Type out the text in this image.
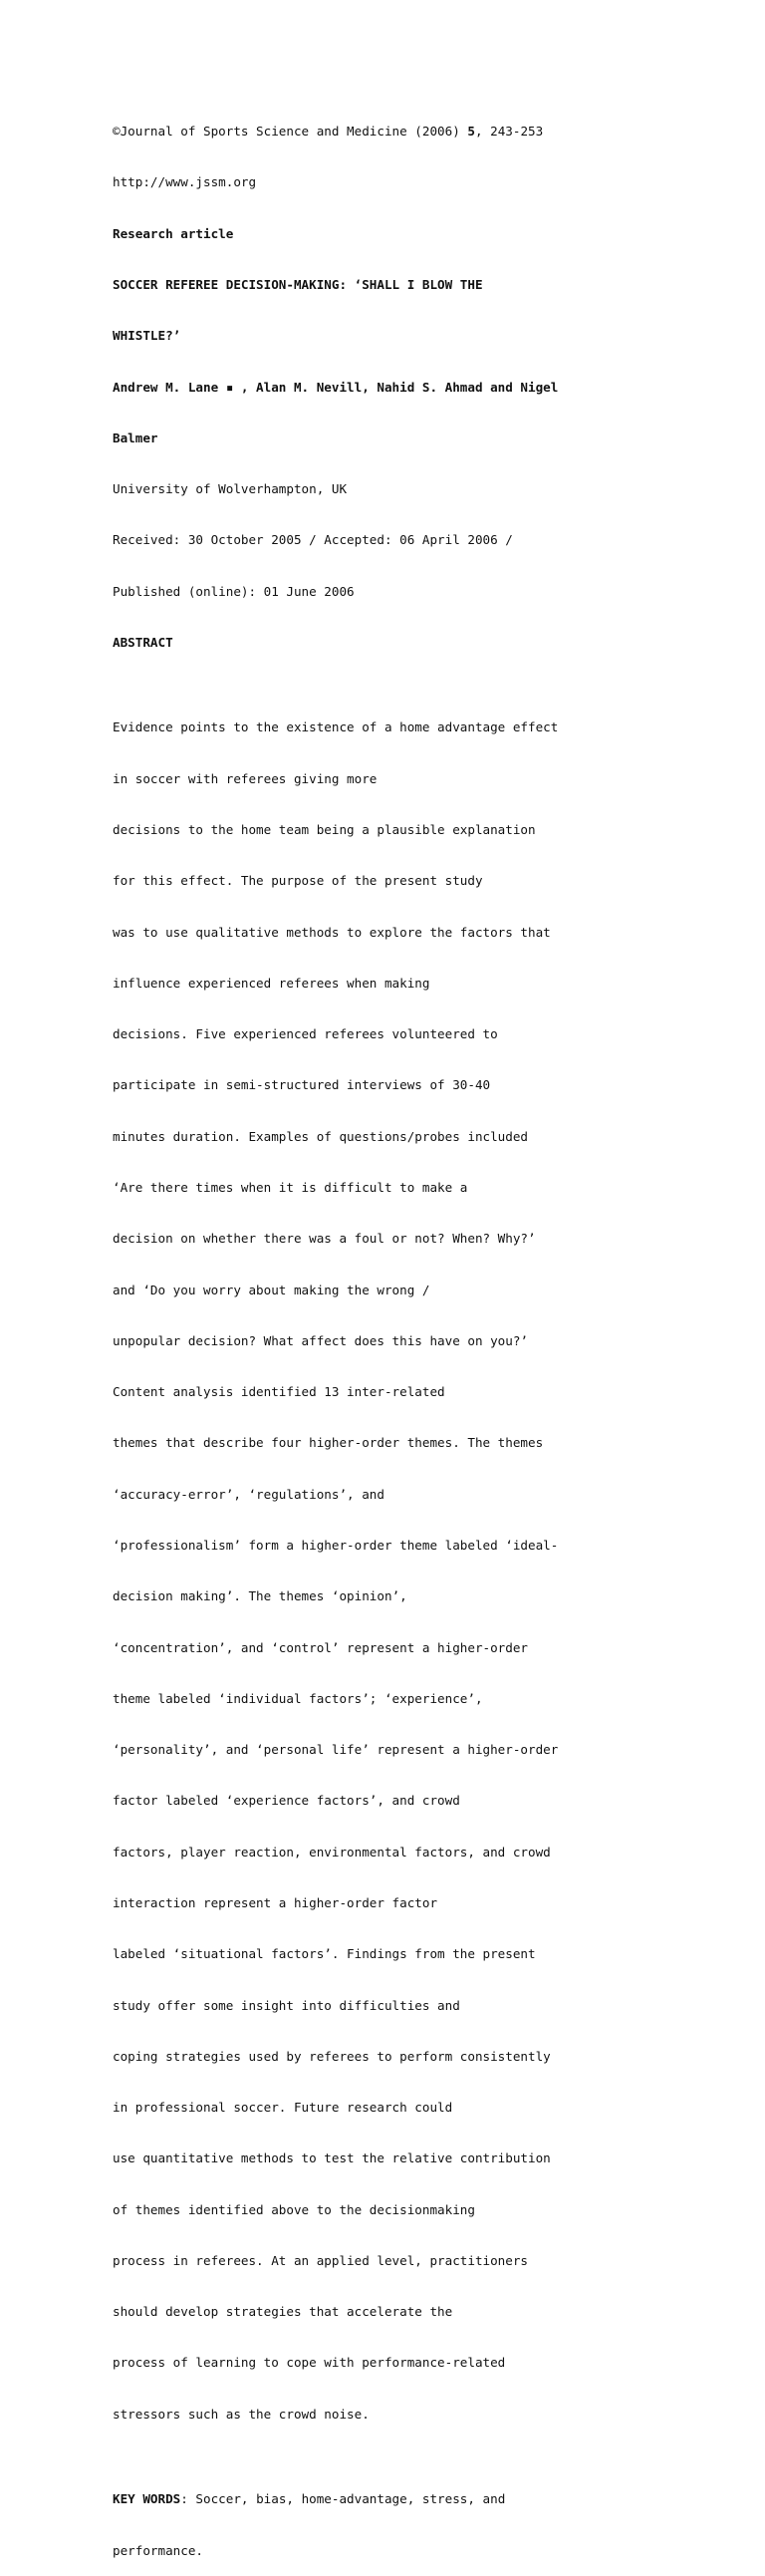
©Journal of Sports Science and Medicine (2006) 5, 243-253

http://www.jssm.org

Research article

SOCCER REFEREE DECISION-MAKING: ‘SHALL I BLOW THE

WHISTLE?’

Andrew M. Lane ▪ , Alan M. Nevill, Nahid S. Ahmad and Nigel

Balmer

University of Wolverhampton, UK

Received: 30 October 2005 / Accepted: 06 April 2006 /

Published (online): 01 June 2006

ABSTRACT

Evidence points to the existence of a home advantage effect

in soccer with referees giving more

decisions to the home team being a plausible explanation

for this effect. The purpose of the present study

was to use qualitative methods to explore the factors that

influence experienced referees when making

decisions. Five experienced referees volunteered to

participate in semi-structured interviews of 30-40

minutes duration. Examples of questions/probes included

‘Are there times when it is difficult to make a

decision on whether there was a foul or not? When? Why?’

and ‘Do you worry about making the wrong /

unpopular decision? What affect does this have on you?’

Content analysis identified 13 inter-related

themes that describe four higher-order themes. The themes

‘accuracy-error’, ‘regulations’, and

‘professionalism’ form a higher-order theme labeled ‘ideal-

decision making’. The themes ‘opinion’,

‘concentration’, and ‘control’ represent a higher-order

theme labeled ‘individual factors’; ‘experience’,

‘personality’, and ‘personal life’ represent a higher-order

factor labeled ‘experience factors’, and crowd

factors, player reaction, environmental factors, and crowd

interaction represent a higher-order factor

labeled ‘situational factors’. Findings from the present

study offer some insight into difficulties and

coping strategies used by referees to perform consistently

in professional soccer. Future research could

use quantitative methods to test the relative contribution

of themes identified above to the decisionmaking

process in referees. At an applied level, practitioners

should develop strategies that accelerate the

process of learning to cope with performance-related

stressors such as the crowd noise.

KEY WORDS: Soccer, bias, home-advantage, stress, and

performance.
